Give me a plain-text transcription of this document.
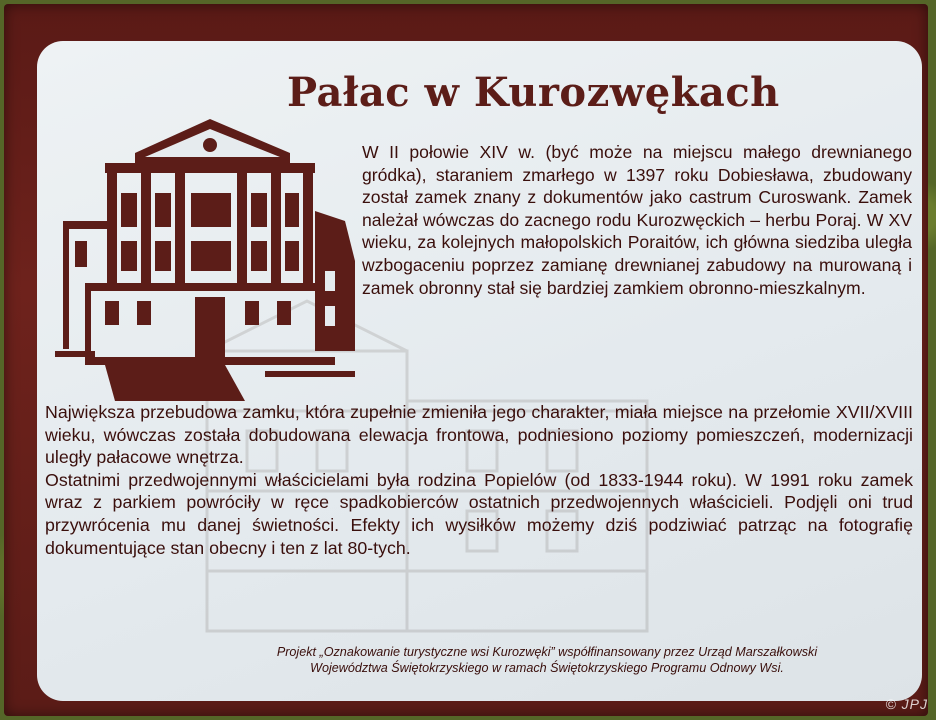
Pałac w Kurozwękach
W II połowie XIV w. (być może na miejscu małego drewnianego gródka), staraniem zmarłego w 1397 roku Dobiesława, zbudowany został zamek znany z dokumentów jako castrum Curoswank. Zamek należał wówczas do zacnego rodu Kurozwęckich – herbu Poraj. W XV wieku, za kolejnych małopolskich Poraitów, ich główna siedziba uległa wzbogaceniu poprzez zamianę drewnianej zabudowy na murowaną i zamek obronny stał się bardziej zamkiem obronno-mieszkalnym.

Największa przebudowa zamku, która zupełnie zmieniła jego charakter, miała miejsce na przełomie XVII/XVIII wieku, wówczas została dobudowana elewacja frontowa, podniesiono poziomy pomieszczeń, modernizacji uległy pałacowe wnętrza.

Ostatnimi przedwojennymi właścicielami była rodzina Popielów (od 1833-1944 roku). W 1991 roku zamek wraz z parkiem powróciły w ręce spadkobierców ostatnich przedwojennych właścicieli. Podjęli oni trud przywrócenia mu danej świetności. Efekty ich wysiłków możemy dziś podziwiać patrząc na fotografię dokumentujące stan obecny i ten z lat 80-tych.

Projekt „Oznakowanie turystyczne wsi Kurozwęki” współfinansowany przez Urząd Marszałkowski
Województwa Świętokrzyskiego w ramach Świętokrzyskiego Programu Odnowy Wsi.
© JPJ
